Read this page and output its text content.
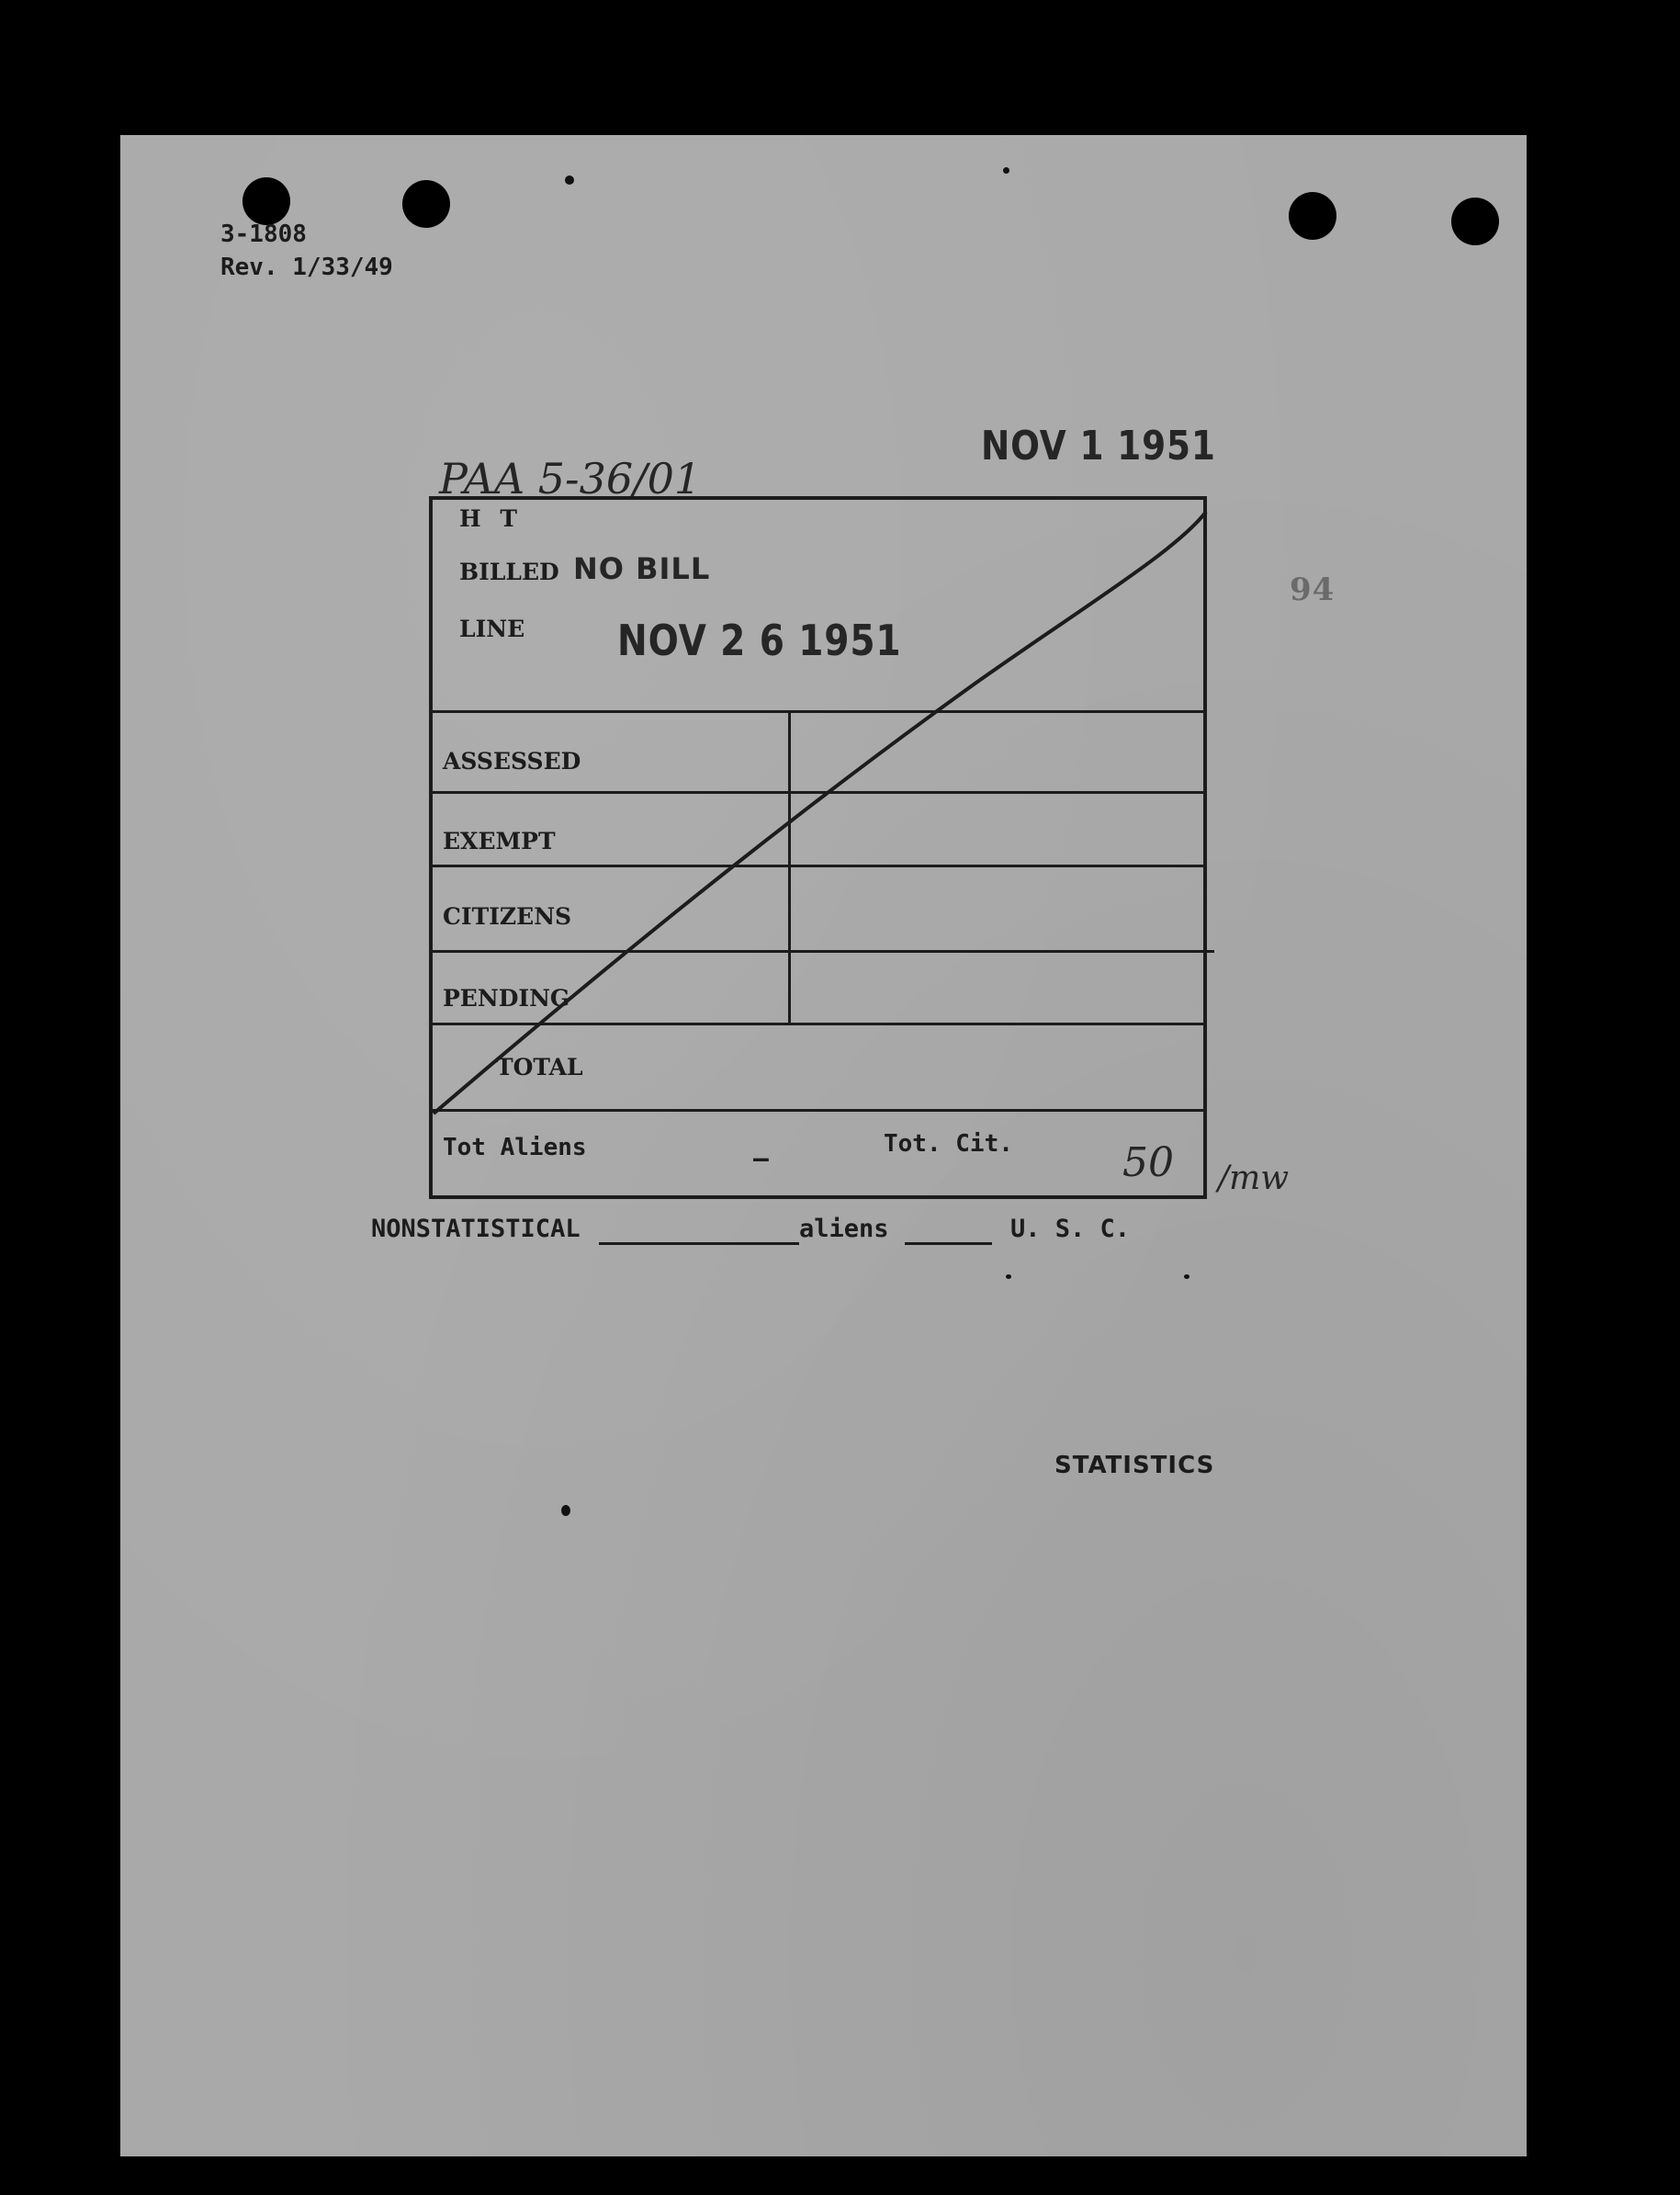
3-1808
Rev. 1/33/49
PAA 5-36/01
NOV 1 1951
94
H T
BILLED NO BILL
LINE NOV 2 6 1951
ASSESSED
EXEMPT
CITIZENS
PENDING
TOTAL
Tot Aliens	—	Tot. Cit.	50 /mw
NONSTATISTICAL	aliens	U. S. C.
STATISTICS
